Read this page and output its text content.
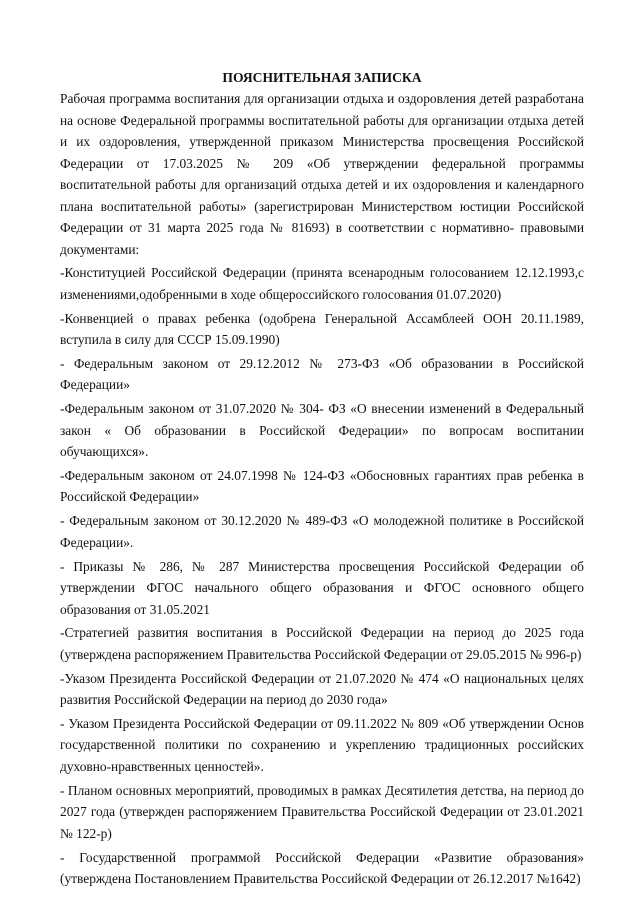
ПОЯСНИТЕЛЬНАЯ ЗАПИСКА

Рабочая программа воспитания для организации отдыха и оздоровления детей разработана на основе Федеральной программы воспитательной работы для организации отдыха детей и их оздоровления, утвержденной приказом Министерства просвещения Российской Федерации от 17.03.2025 № 209 «Об утверждении федеральной программы воспитательной работы для организаций отдыха детей и их оздоровления и календарного плана воспитательной работы» (зарегистрирован Министерством юстиции Российской Федерации от 31 марта 2025 года № 81693) в соответствии с нормативно- правовыми документами:

-Конституцией Российской Федерации (принята всенародным голосованием 12.12.1993,с изменениями,одобренными в ходе общероссийского голосования 01.07.2020)

-Конвенцией о правах ребенка (одобрена Генеральной Ассамблеей ООН 20.11.1989, вступила в силу для СССР 15.09.1990)

- Федеральным законом от 29.12.2012 № 273-ФЗ «Об образовании в Российской Федерации»

-Федеральным законом от 31.07.2020 № 304- ФЗ «О внесении изменений в Федеральный закон « Об образовании в Российской Федерации» по вопросам воспитании обучающихся».

-Федеральным законом от 24.07.1998 № 124-ФЗ «Обосновных гарантиях прав ребенка в Российской Федерации»

- Федеральным законом от 30.12.2020 № 489-ФЗ «О молодежной политике в Российской Федерации».

- Приказы № 286, № 287 Министерства просвещения Российской Федерации об утверждении ФГОС начального общего образования и ФГОС основного общего образования от 31.05.2021

-Стратегией развития воспитания в Российской Федерации на период до 2025 года (утверждена распоряжением Правительства Российской Федерации от 29.05.2015 № 996-р)

-Указом Президента Российской Федерации от 21.07.2020 № 474 «О национальных целях развития Российской Федерации на период до 2030 года»

- Указом Президента Российской Федерации от 09.11.2022 № 809 «Об утверждении Основ государственной политики по сохранению и укреплению традиционных российских духовно-нравственных ценностей».

- Планом основных мероприятий, проводимых в рамках Десятилетия детства, на период до 2027 года (утвержден распоряжением Правительства Российской Федерации от 23.01.2021 № 122-р)

- Государственной программой Российской Федерации «Развитие образования» (утверждена Постановлением Правительства Российской Федерации от 26.12.2017 №1642)
